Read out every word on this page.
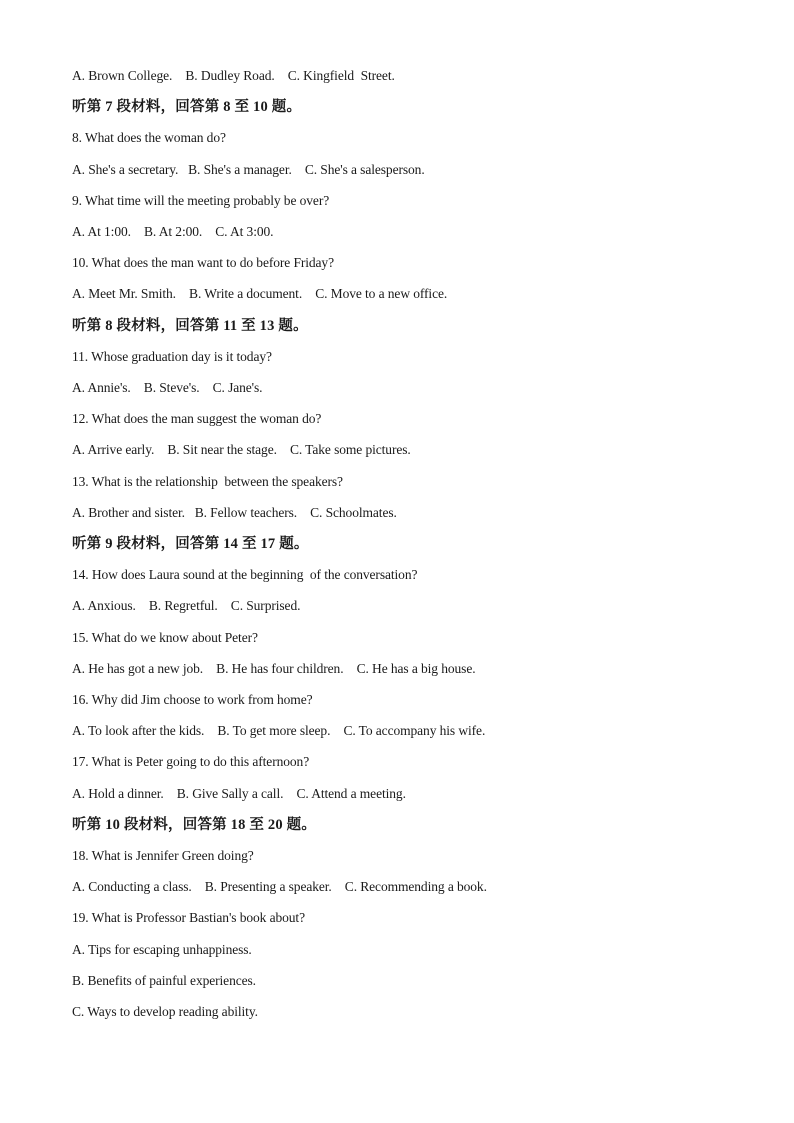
A. Brown College.    B. Dudley Road.    C. Kingfield  Street.
听第 7 段材料，回答第 8 至 10 题。
8. What does the woman do?
A. She's a secretary.   B. She's a manager.    C. She's a salesperson.
9. What time will the meeting probably be over?
A. At 1:00.    B. At 2:00.    C. At 3:00.
10. What does the man want to do before Friday?
A. Meet Mr. Smith.    B. Write a document.    C. Move to a new office.
听第 8 段材料，回答第 11 至 13 题。
11. Whose graduation day is it today?
A. Annie's.    B. Steve's.    C. Jane's.
12. What does the man suggest the woman do?
A. Arrive early.    B. Sit near the stage.    C. Take some pictures.
13. What is the relationship  between the speakers?
A. Brother and sister.   B. Fellow teachers.    C. Schoolmates.
听第 9 段材料，回答第 14 至 17 题。
14. How does Laura sound at the beginning  of the conversation?
A. Anxious.    B. Regretful.    C. Surprised.
15. What do we know about Peter?
A. He has got a new job.    B. He has four children.    C. He has a big house.
16. Why did Jim choose to work from home?
A. To look after the kids.    B. To get more sleep.    C. To accompany his wife.
17. What is Peter going to do this afternoon?
A. Hold a dinner.    B. Give Sally a call.    C. Attend a meeting.
听第 10 段材料，回答第 18 至 20 题。
18. What is Jennifer Green doing?
A. Conducting a class.    B. Presenting a speaker.    C. Recommending a book.
19. What is Professor Bastian's book about?
A. Tips for escaping unhappiness.
B. Benefits of painful experiences.
C. Ways to develop reading ability.
